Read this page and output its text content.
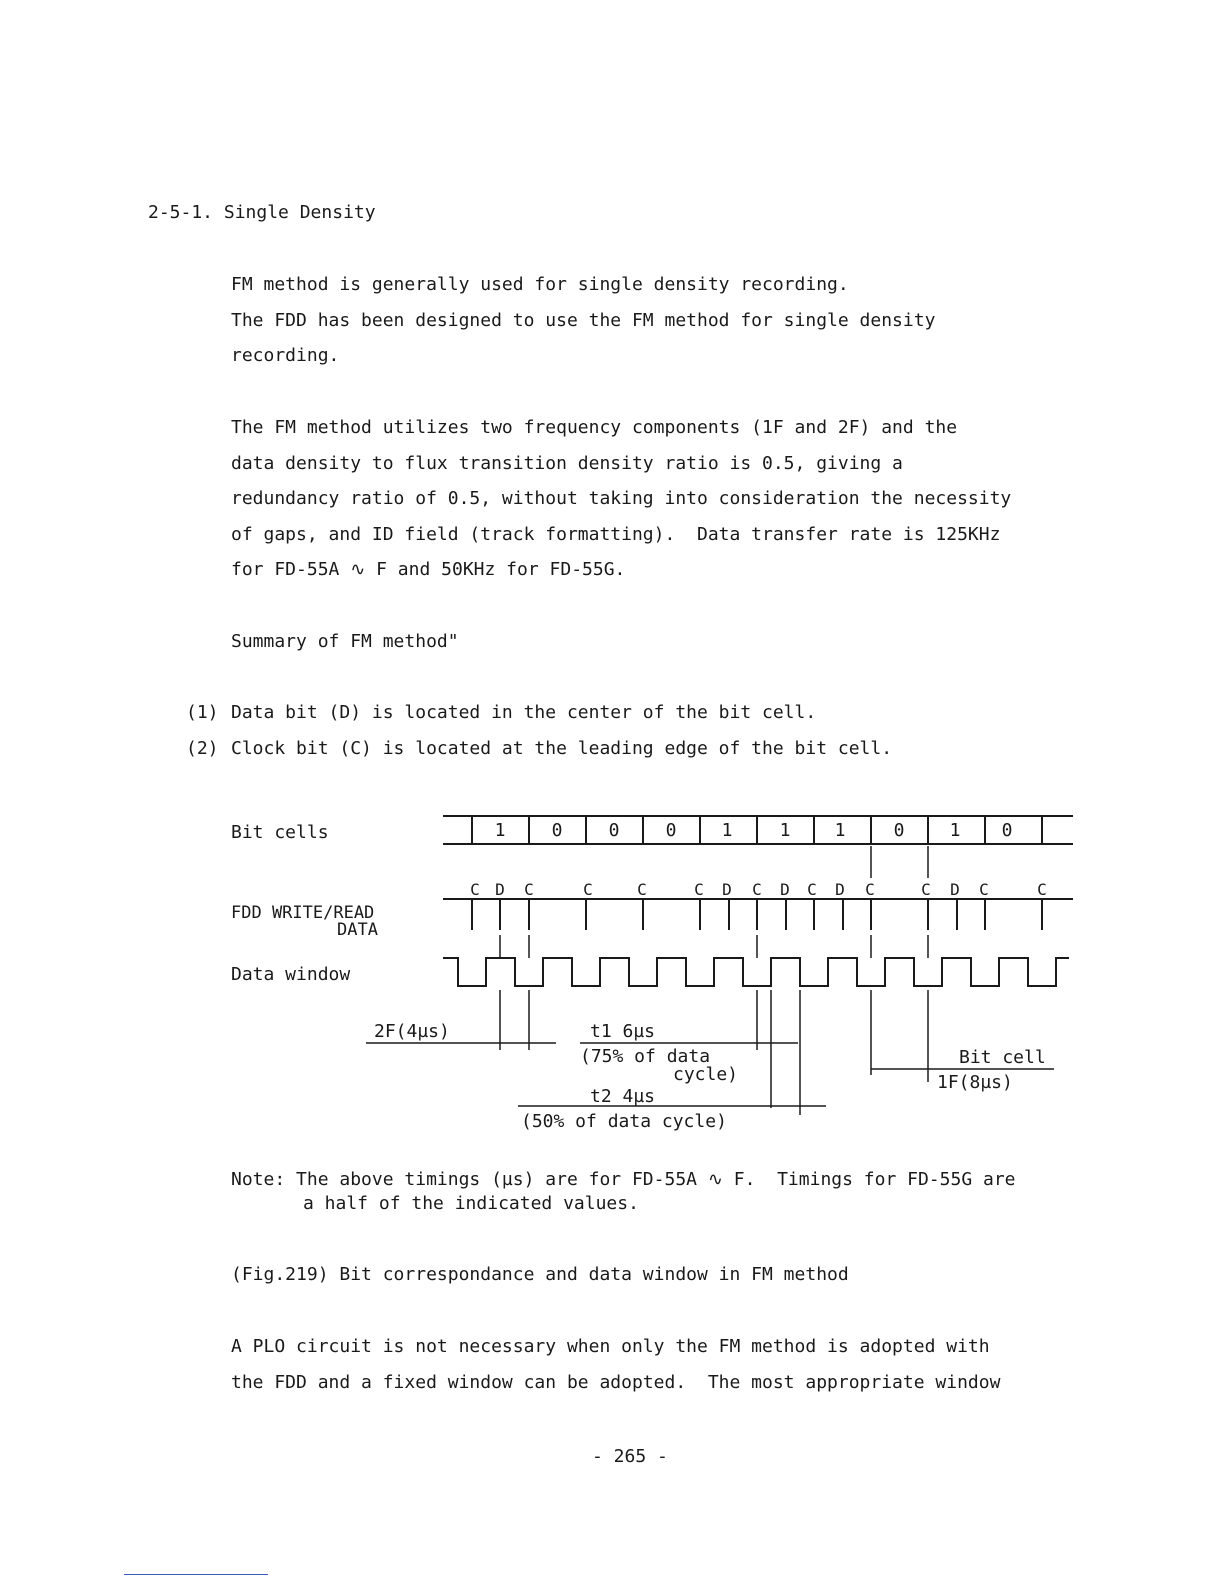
2-5-1. Single Density
FM method is generally used for single density recording.
The FDD has been designed to use the FM method for single density
recording.
The FM method utilizes two frequency components (1F and 2F) and the
data density to flux transition density ratio is 0.5, giving a
redundancy ratio of 0.5, without taking into consideration the necessity
of gaps, and ID field (track formatting).  Data transfer rate is 125KHz
for FD-55A ∿ F and 50KHz for FD-55G.
Summary of FM method"
(1) Data bit (D) is located in the center of the bit cell.
(2) Clock bit (C) is located at the leading edge of the bit cell.
Bit cells
FDD WRITE/READ
DATA
Data window
1	0	0	0	1	1 1	0	1 0
C D C	C	C	C D C D C D C	C D C	C
2F(4µs)	t1 6µs
(75% of data
cycle)
t2 4µs
(50% of data cycle)
Bit cell
1F(8µs)
Note: The above timings (µs) are for FD-55A ∿ F.  Timings for FD-55G are
a half of the indicated values.
(Fig.219) Bit correspondance and data window in FM method
A PLO circuit is not necessary when only the FM method is adopted with
the FDD and a fixed window can be adopted.  The most appropriate window
- 265 -
